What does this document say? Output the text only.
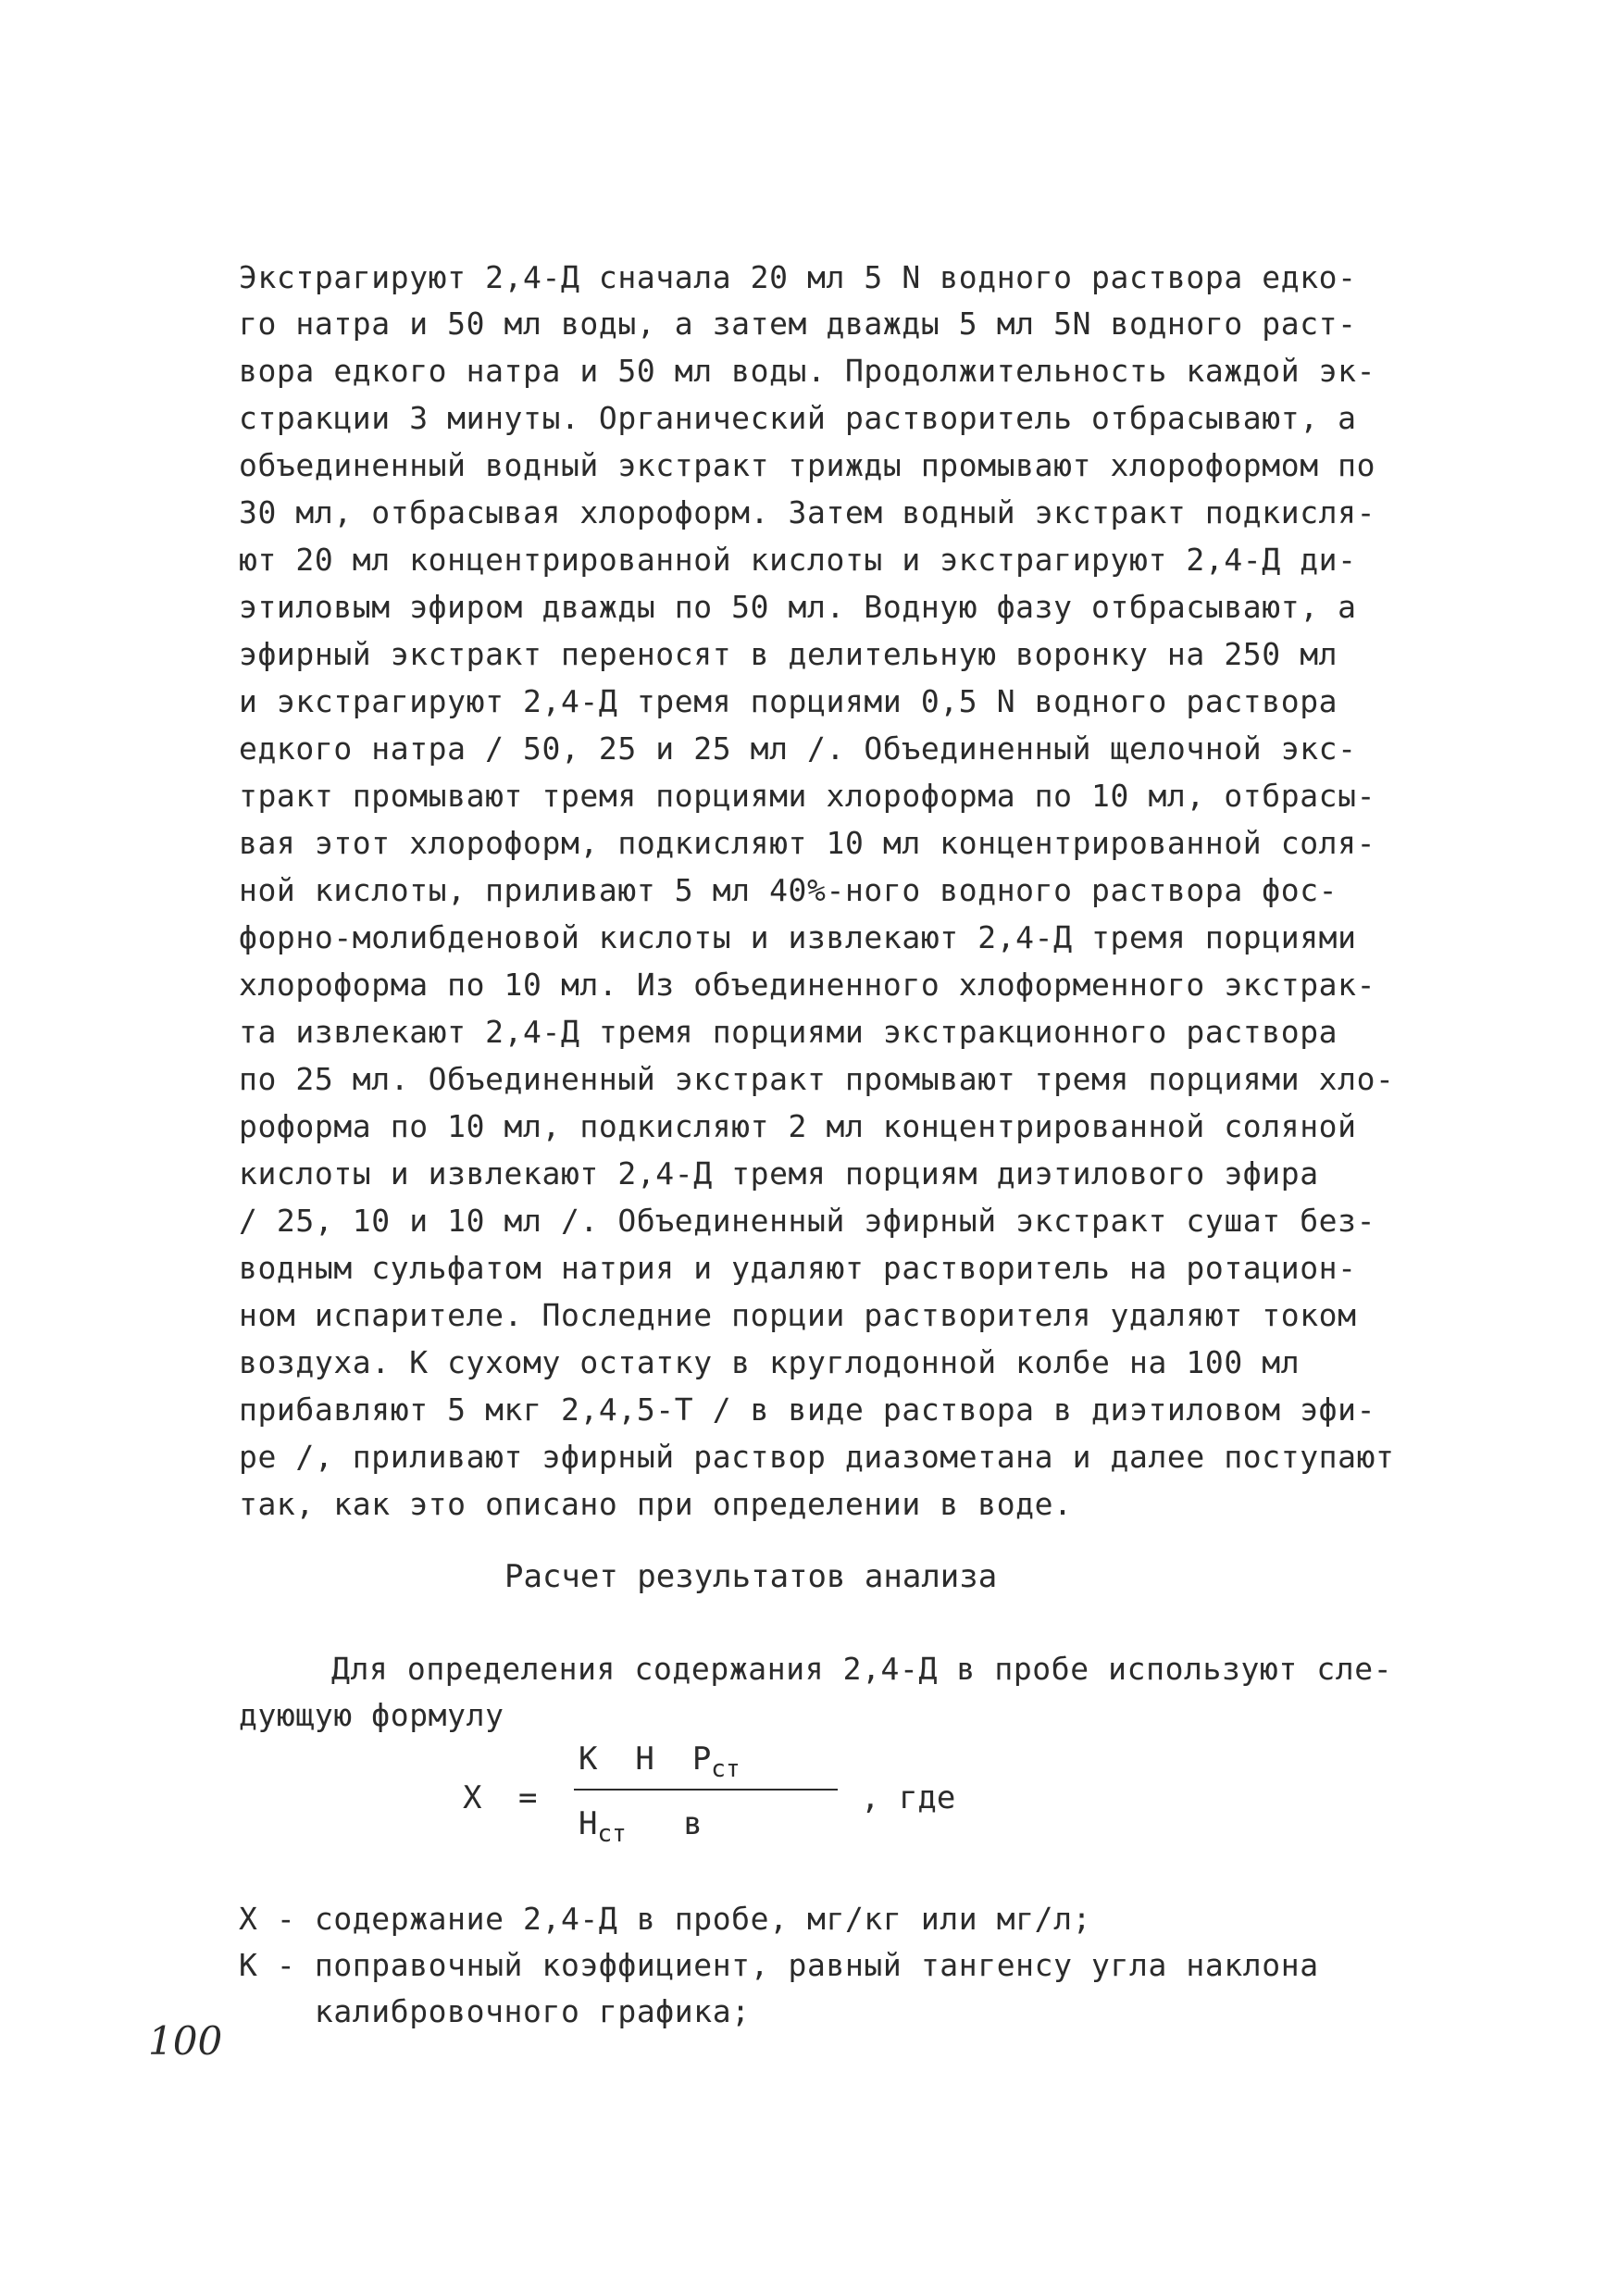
Экстрагируют 2,4-Д сначала 20 мл 5 N водного раствора едко-
го натра и 50 мл воды, а затем дважды 5 мл 5N водного раст-
вора едкого натра и 50 мл воды. Продолжительность каждой эк-
стракции 3 минуты. Органический растворитель отбрасывают, а
объединенный водный экстракт трижды промывают хлороформом по
30 мл, отбрасывая хлороформ. Затем водный экстракт подкисля-
ют 20 мл концентрированной кислоты и экстрагируют 2,4-Д ди-
этиловым эфиром дважды по 50 мл. Водную фазу отбрасывают, а
эфирный экстракт переносят в делительную воронку на 250 мл
и экстрагируют 2,4-Д тремя порциями 0,5 N водного раствора
едкого натра / 50, 25 и 25 мл /. Объединенный щелочной экс-
тракт промывают тремя порциями хлороформа по 10 мл, отбрасы-
вая этот хлороформ, подкисляют 10 мл концентрированной соля-
ной кислоты, приливают 5 мл 40%-ного водного раствора фос-
форно-молибденовой кислоты и извлекают 2,4-Д тремя порциями
хлороформа по 10 мл. Из объединенного хлоформенного экстрак-
та извлекают 2,4-Д тремя порциями экстракционного раствора
по 25 мл. Объединенный экстракт промывают тремя порциями хло-
роформа по 10 мл, подкисляют 2 мл концентрированной соляной
кислоты и извлекают 2,4-Д тремя порциям диэтилового эфира
/ 25, 10 и 10 мл /. Объединенный эфирный экстракт сушат без-
водным сульфатом натрия и удаляют растворитель на ротацион-
ном испарителе. Последние порции растворителя удаляют током
воздуха. К сухому остатку в круглодонной колбе на 100 мл
прибавляют 5 мкг 2,4,5-Т / в виде раствора в диэтиловом эфи-
ре /, приливают эфирный раствор диазометана и далее поступают
так, как это описано при определении в воде.
Расчет результатов анализа
Для определения содержания 2,4-Д в пробе используют сле-
дующую формулу
X =
К  Н  $Р_{ст}$
$Н_{ст}$   в
, где
X - содержание 2,4-Д в пробе, мг/кг или мг/л;
К - поправочный коэффициент, равный тангенсу угла наклона
калибровочного графика;
100
